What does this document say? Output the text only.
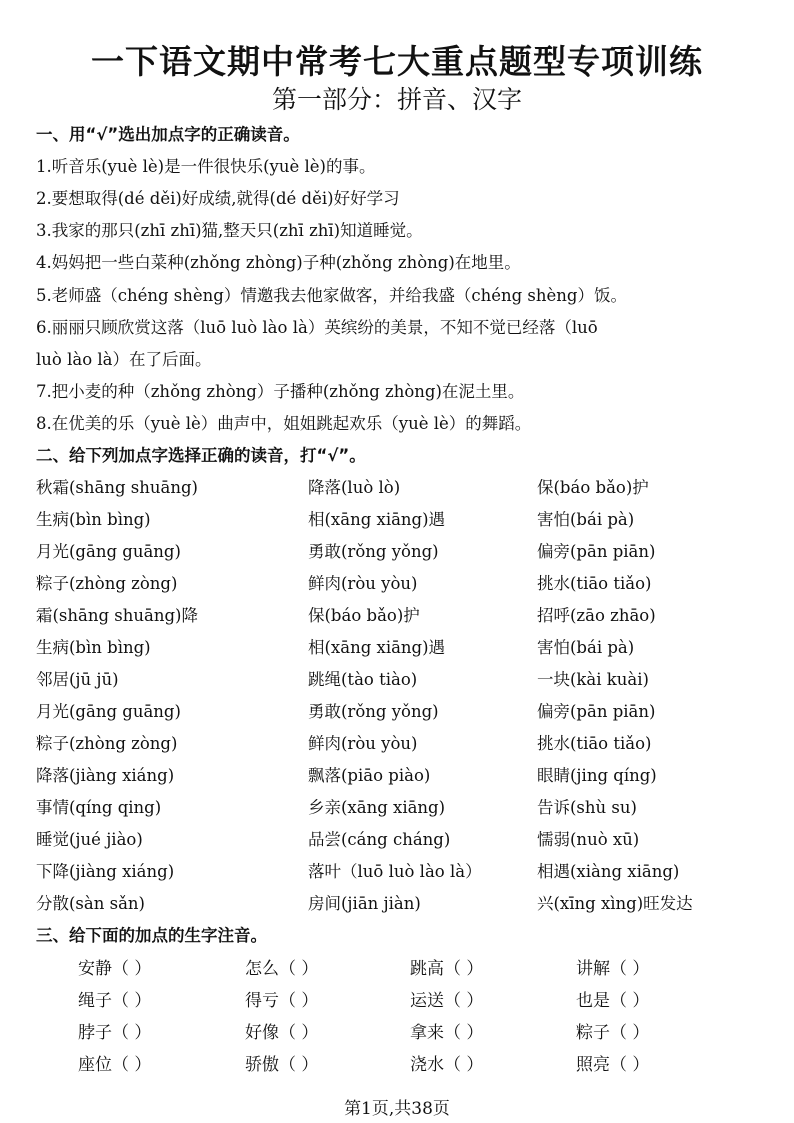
一下语文期中常考七大重点题型专项训练
第一部分：拼音、汉字
一、用“√”选出加点字的正确读音。
1.听音乐(yuè lè)是一件很快乐(yuè lè)的事。
2.要想取得(dé děi)好成绩,就得(dé děi)好好学习
3.我家的那只(zhī zhī)猫,整天只(zhī zhī)知道睡觉。
4.妈妈把一些白菜种(zhǒng zhòng)子种(zhǒng zhòng)在地里。
5.老师盛（chéng shèng）情邀我去他家做客，并给我盛（chéng shèng）饭。
6.丽丽只顾欣赏这落（luō luò lào là）英缤纷的美景，不知不觉已经落（luō
luò lào là）在了后面。
7.把小麦的种（zhǒng zhòng）子播种(zhǒng zhòng)在泥土里。
8.在优美的乐（yuè lè）曲声中，姐姐跳起欢乐（yuè lè）的舞蹈。
二、给下列加点字选择正确的读音，打“√”。
秋霜(shāng shuāng)	降落(luò lò)	保(báo bǎo)护
生病(bìn bìng)	相(xāng xiāng)遇	害怕(bái pà)
月光(gāng guāng)	勇敢(rǒng yǒng)	偏旁(pān piān)
粽子(zhòng zòng)	鲜肉(ròu yòu)	挑水(tiāo tiǎo)
霜(shāng shuāng)降	保(báo bǎo)护	招呼(zāo zhāo)
生病(bìn bìng)	相(xāng xiāng)遇	害怕(bái pà)
邻居(jū jū)	跳绳(tào tiào)	一块(kài kuài)
月光(gāng guāng)	勇敢(rǒng yǒng)	偏旁(pān piān)
粽子(zhòng zòng)	鲜肉(ròu yòu)	挑水(tiāo tiǎo)
降落(jiàng xiáng)	飘落(piāo piào)	眼睛(jing qíng)
事情(qíng qing)	乡亲(xāng xiāng)	告诉(shù su)
睡觉(jué jiào)	品尝(cáng cháng)	懦弱(nuò xū)
下降(jiàng xiáng)	落叶（luō luò lào là）	相遇(xiàng xiāng)
分散(sàn sǎn)	房间(jiān jiàn)	兴(xīng xìng)旺发达
三、给下面的加点的生字注音。
安静（ ）	怎么（ ）	跳高（ ）	讲解（ ）
绳子（ ）	得亏（ ）	运送（ ）	也是（ ）
脖子（ ）	好像（ ）	拿来（ ）	粽子（ ）
座位（ ）	骄傲（ ）	浇水（ ）	照亮（ ）
第1页,共38页
